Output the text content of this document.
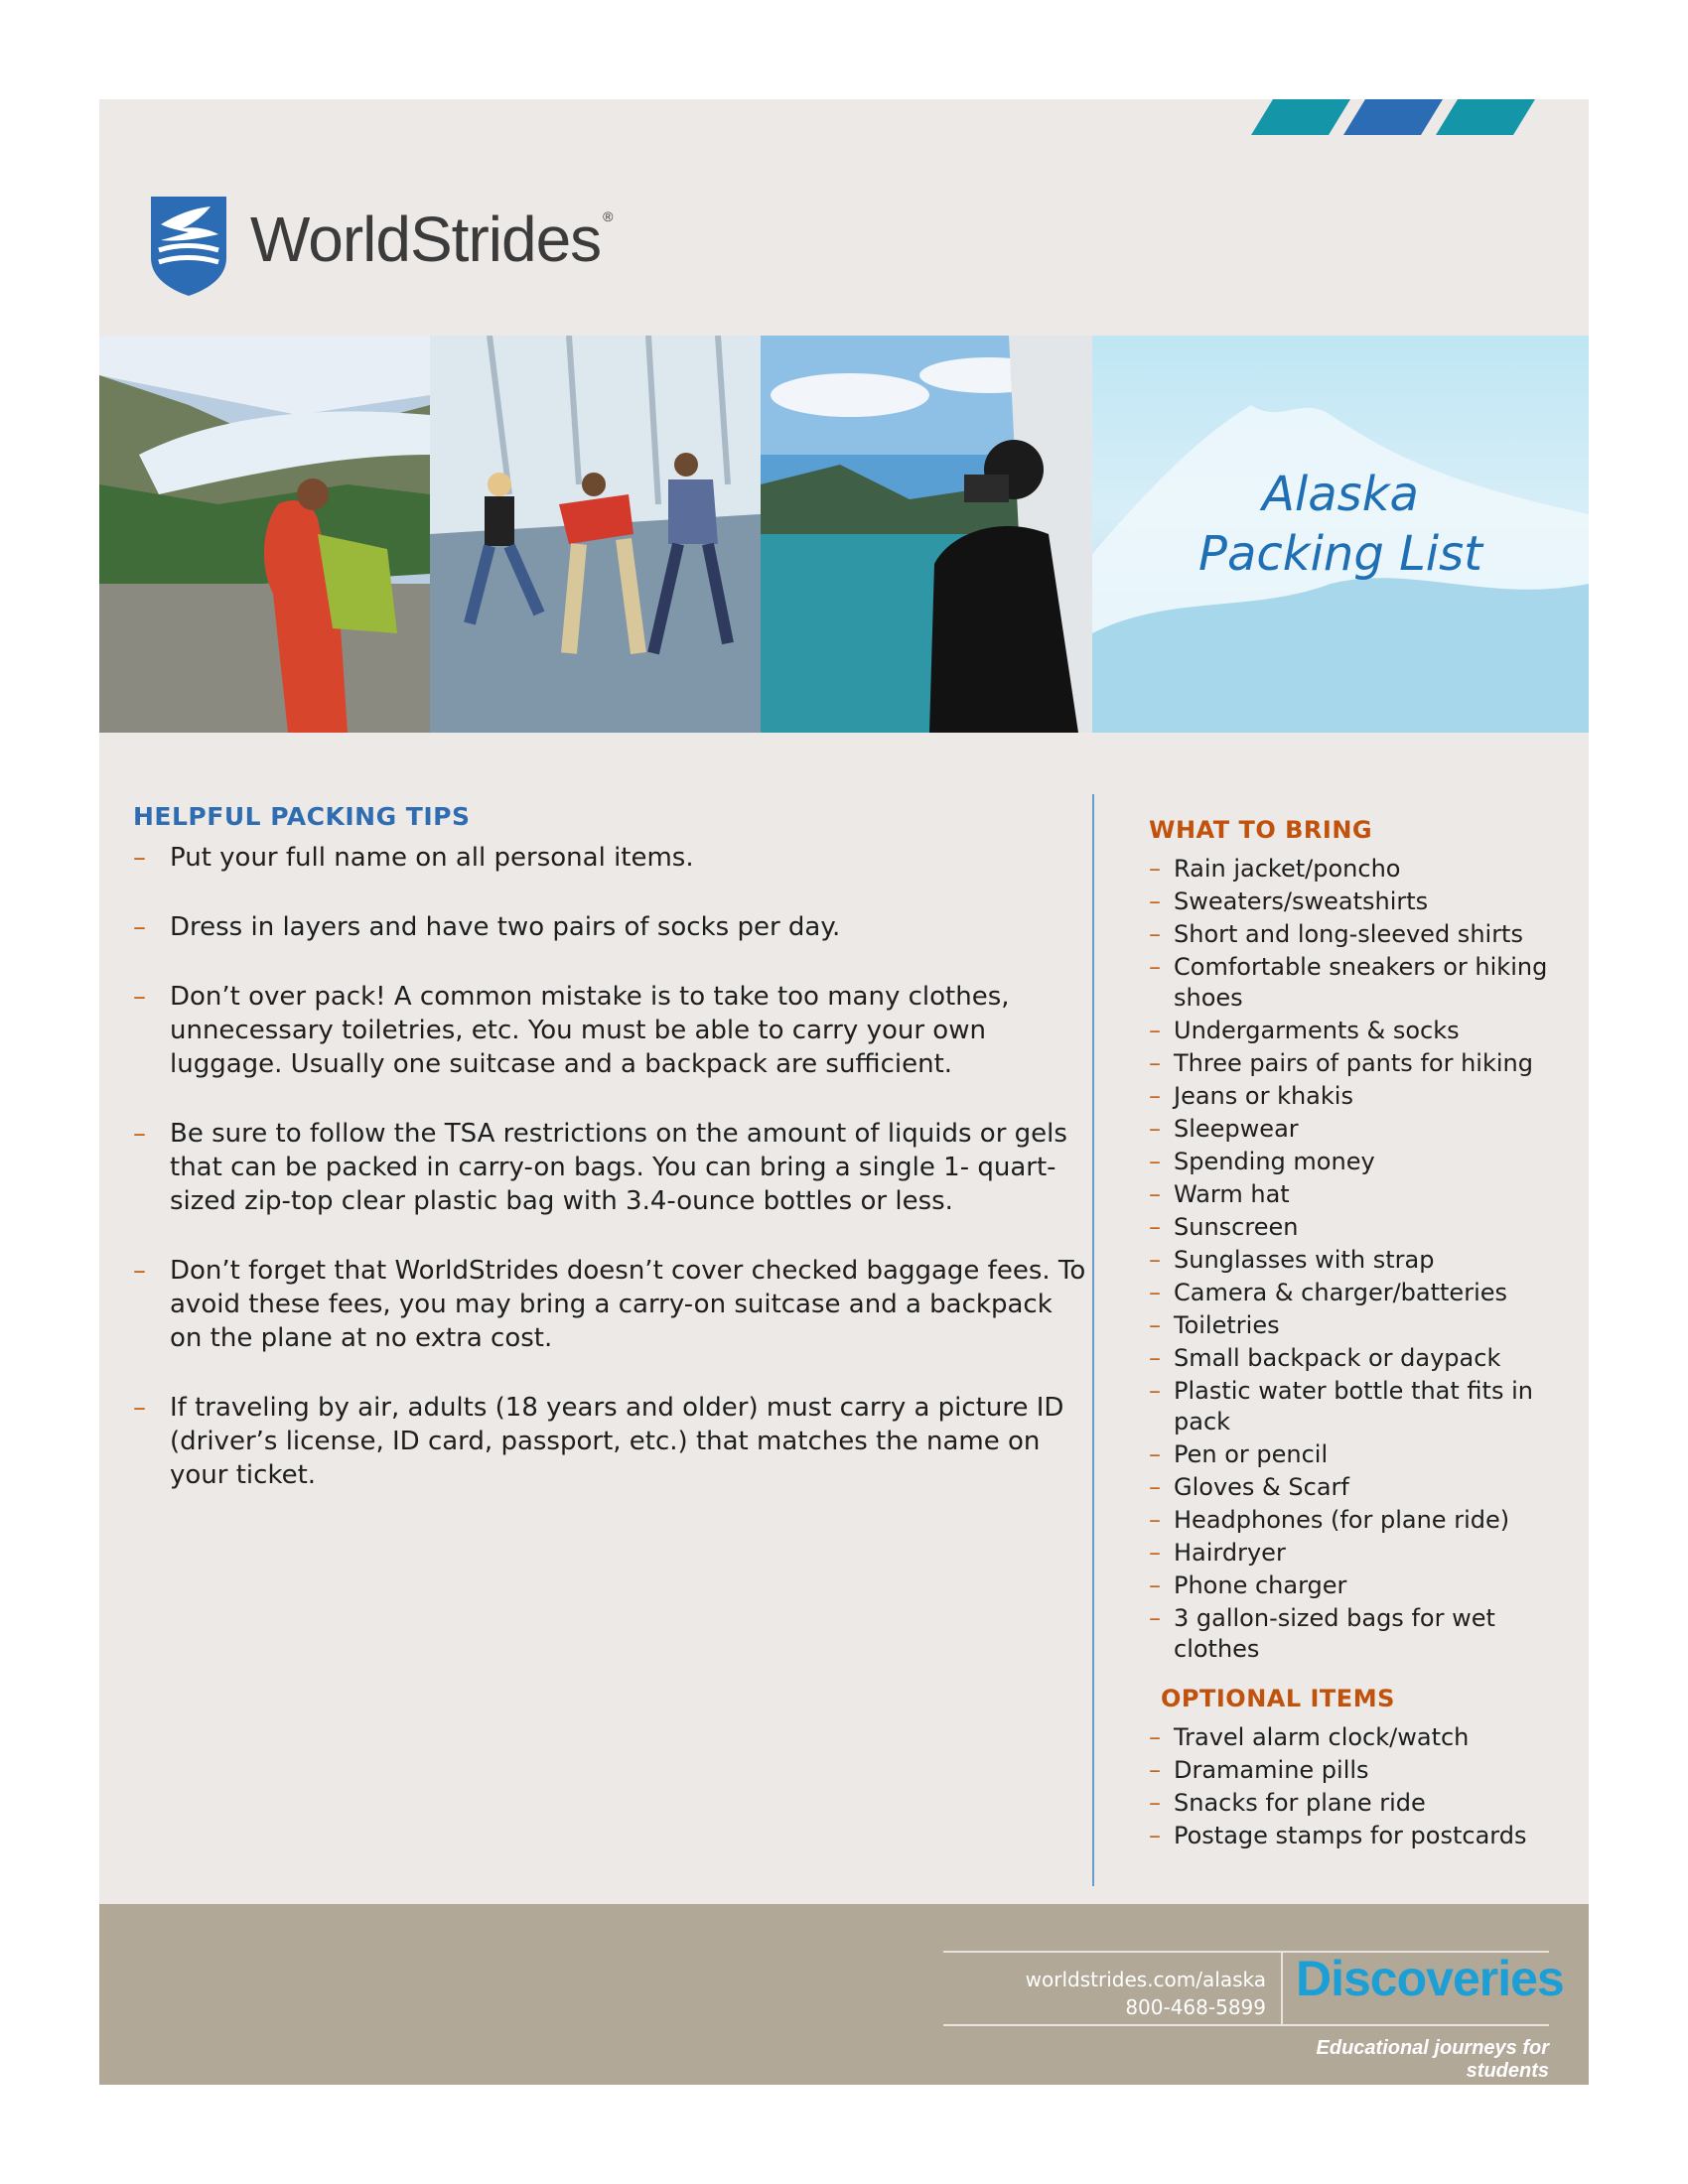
WorldStrides ®
Alaska
Packing List
HELPFUL PACKING TIPS
– Put your full name on all personal items.
– Dress in layers and have two pairs of socks per day.
– Don’t over pack! A common mistake is to take too many clothes, unnecessary toiletries, etc. You must be able to carry your own luggage. Usually one suitcase and a backpack are sufficient.
– Be sure to follow the TSA restrictions on the amount of liquids or gels that can be packed in carry-on bags. You can bring a single 1- quart-sized zip-top clear plastic bag with 3.4-ounce bottles or less.
– Don’t forget that WorldStrides doesn’t cover checked baggage fees. To avoid these fees, you may bring a carry-on suitcase and a backpack on the plane at no extra cost.
– If traveling by air, adults (18 years and older) must carry a picture ID (driver’s license, ID card, passport, etc.) that matches the name on your ticket.
WHAT TO BRING
– Rain jacket/poncho
– Sweaters/sweatshirts
– Short and long-sleeved shirts
– Comfortable sneakers or hiking shoes
– Undergarments & socks
– Three pairs of pants for hiking
– Jeans or khakis
– Sleepwear
– Spending money
– Warm hat
– Sunscreen
– Sunglasses with strap
– Camera & charger/batteries
– Toiletries
– Small backpack or daypack
– Plastic water bottle that fits in pack
– Pen or pencil
– Gloves & Scarf
– Headphones (for plane ride)
– Hairdryer
– Phone charger
– 3 gallon-sized bags for wet clothes
OPTIONAL ITEMS
– Travel alarm clock/watch
– Dramamine pills
– Snacks for plane ride
– Postage stamps for postcards
worldstrides.com/alaska
800-468-5899
Discoveries
Educational journeys for students
